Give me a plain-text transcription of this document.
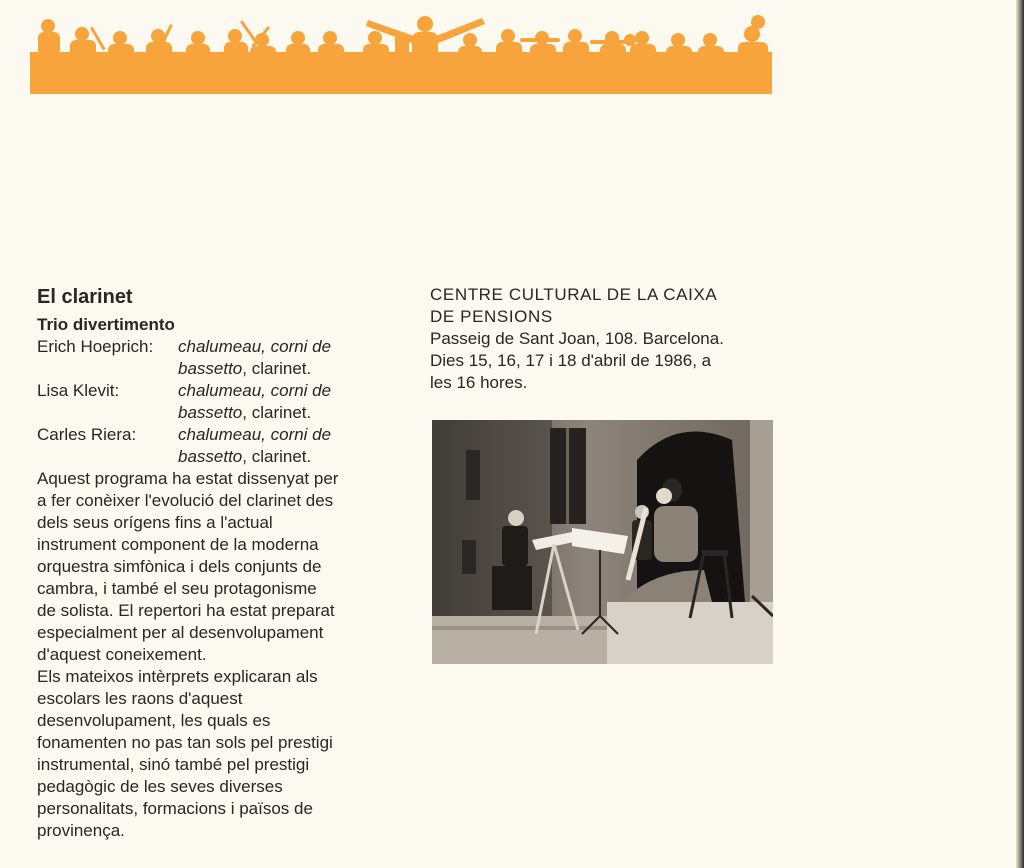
El clarinet
Trio divertimento
Erich Hoeprich: chalumeau, corni de
bassetto, clarinet.
Lisa Klevit:	chalumeau, corni de
bassetto, clarinet.
Carles Riera: chalumeau, corni de
bassetto, clarinet.
Aquest programa ha estat dissenyat per
a fer conèixer l'evolució del clarinet des
dels seus orígens fins a l'actual
instrument component de la moderna
orquestra simfònica i dels conjunts de
cambra, i també el seu protagonisme
de solista. El repertori ha estat preparat
especialment per al desenvolupament
d'aquest coneixement.
Els mateixos intèrprets explicaran als
escolars les raons d'aquest
desenvolupament, les quals es
fonamenten no pas tan sols pel prestigi
instrumental, sinó també pel prestigi
pedagògic de les seves diverses
personalitats, formacions i països de
provinença.
CENTRE CULTURAL DE LA CAIXA
DE PENSIONS
Passeig de Sant Joan, 108. Barcelona.
Dies 15, 16, 17 i 18 d'abril de 1986, a
les 16 hores.
